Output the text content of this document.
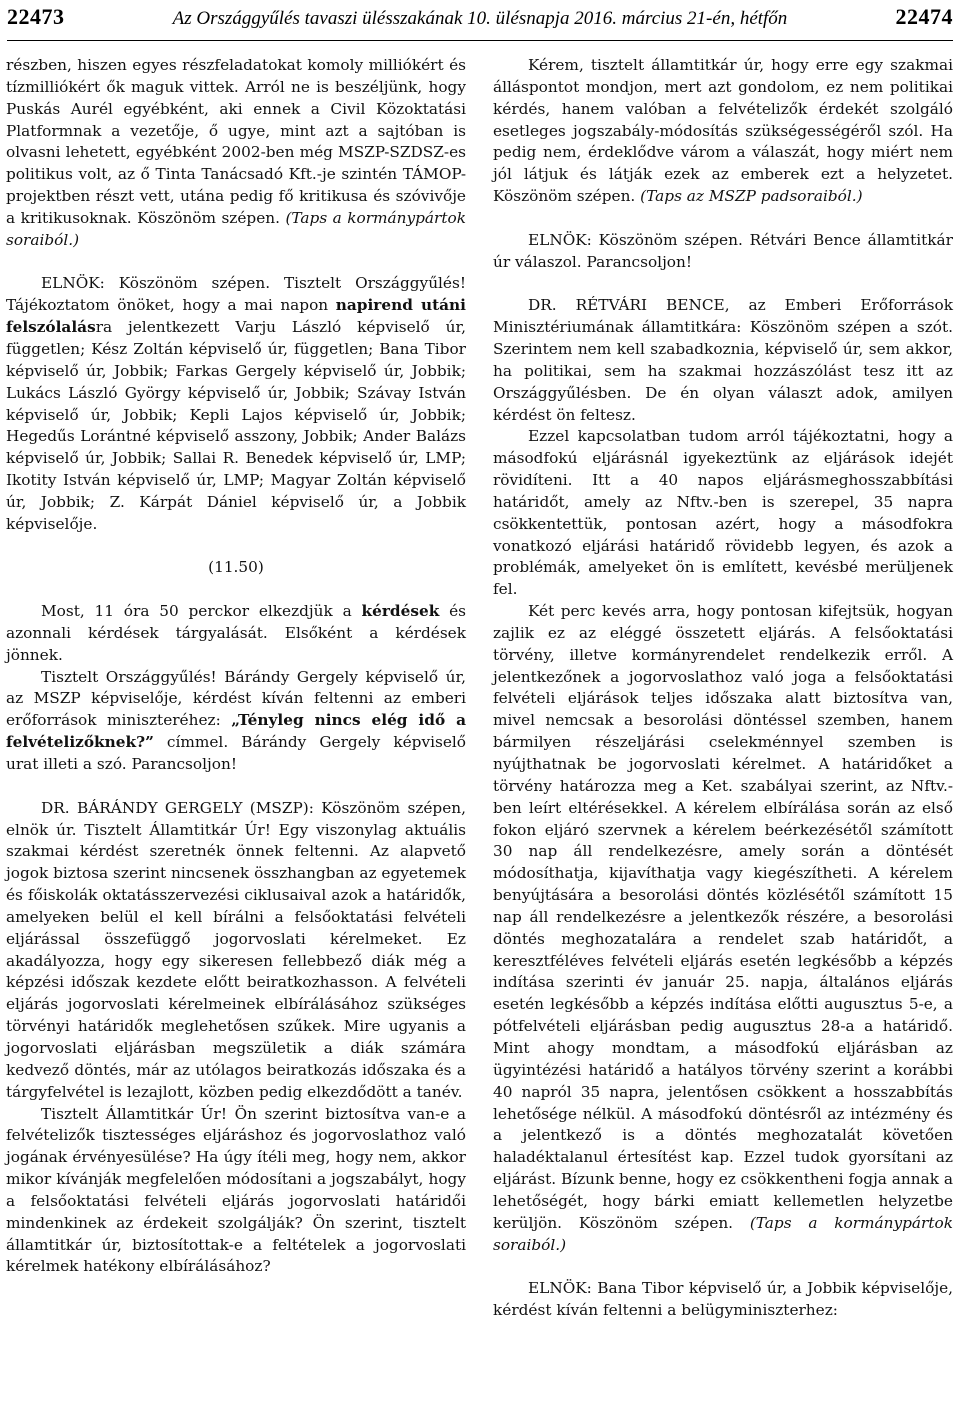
22473	Az Országgyűlés tavaszi ülésszakának 10. ülésnapja 2016. március 21-én, hétfőn	22474

részben, hiszen egyes részfeladatokat komoly milliókért és tízmilliókért ők maguk vittek. Arról ne is beszéljünk, hogy Puskás Aurél egyébként, aki ennek a Civil Közoktatási Platformnak a vezetője, ő ugye, mint azt a sajtóban is olvasni lehetett, egyébként 2002-ben még MSZP-SZDSZ-es politikus volt, az ő Tinta Tanácsadó Kft.-je szintén TÁMOP-projektben részt vett, utána pedig fő kritikusa és szóvivője a kritikusoknak. Köszönöm szépen. (Taps a kormánypártok soraiból.)

ELNÖK: Köszönöm szépen. Tisztelt Országgyűlés! Tájékoztatom önöket, hogy a mai napon napirend utáni felszólalásra jelentkezett Varju László képviselő úr, független; Kész Zoltán képviselő úr, független; Bana Tibor képviselő úr, Jobbik; Farkas Gergely képviselő úr, Jobbik; Lukács László György képviselő úr, Jobbik; Szávay István képviselő úr, Jobbik; Kepli Lajos képviselő úr, Jobbik; Hegedűs Lorántné képviselő asszony, Jobbik; Ander Balázs képviselő úr, Jobbik; Sallai R. Benedek képviselő úr, LMP; Ikotity István képviselő úr, LMP; Magyar Zoltán képviselő úr, Jobbik; Z. Kárpát Dániel képviselő úr, a Jobbik képviselője.

(11.50)

Most, 11 óra 50 perckor elkezdjük a kérdések és azonnali kérdések tárgyalását. Elsőként a kérdések jönnek.

Tisztelt Országgyűlés! Bárándy Gergely képviselő úr, az MSZP képviselője, kérdést kíván feltenni az emberi erőforrások miniszteréhez: „Tényleg nincs elég idő a felvételizőknek?” címmel. Bárándy Gergely képviselő urat illeti a szó. Parancsoljon!

DR. BÁRÁNDY GERGELY (MSZP): Köszönöm szépen, elnök úr. Tisztelt Államtitkár Úr! Egy viszonylag aktuális szakmai kérdést szeretnék önnek feltenni. Az alapvető jogok biztosa szerint nincsenek összhangban az egyetemek és főiskolák oktatásszervezési ciklusaival azok a határidők, amelyeken belül el kell bírálni a felsőoktatási felvételi eljárással összefüggő jogorvoslati kérelmeket. Ez akadályozza, hogy egy sikeresen fellebbező diák még a képzési időszak kezdete előtt beiratkozhasson. A felvételi eljárás jogorvoslati kérelmeinek elbírálásához szükséges törvényi határidők meglehetősen szűkek. Mire ugyanis a jogorvoslati eljárásban megszületik a diák számára kedvező döntés, már az utólagos beiratkozás időszaka és a tárgyfelvétel is lezajlott, közben pedig elkezdődött a tanév.

Tisztelt Államtitkár Úr! Ön szerint biztosítva van-e a felvételizők tisztességes eljáráshoz és jogorvoslathoz való jogának érvényesülése? Ha úgy ítéli meg, hogy nem, akkor mikor kívánják megfelelően módosítani a jogszabályt, hogy a felsőoktatási felvételi eljárás jogorvoslati határidői mindenkinek az érdekeit szolgálják? Ön szerint, tisztelt államtitkár úr, biztosítottak-e a feltételek a jogorvoslati kérelmek hatékony elbírálásához?

Kérem, tisztelt államtitkár úr, hogy erre egy szakmai álláspontot mondjon, mert azt gondolom, ez nem politikai kérdés, hanem valóban a felvételizők érdekét szolgáló esetleges jogszabály-módosítás szükségességéről szól. Ha pedig nem, érdeklődve várom a válaszát, hogy miért nem jól látjuk és látják ezek az emberek ezt a helyzetet. Köszönöm szépen. (Taps az MSZP padsoraiból.)

ELNÖK: Köszönöm szépen. Rétvári Bence államtitkár úr válaszol. Parancsoljon!

DR. RÉTVÁRI BENCE, az Emberi Erőforrások Minisztériumának államtitkára: Köszönöm szépen a szót. Szerintem nem kell szabadkoznia, képviselő úr, sem akkor, ha politikai, sem ha szakmai hozzászólást tesz itt az Országgyűlésben. De én olyan választ adok, amilyen kérdést ön feltesz.

Ezzel kapcsolatban tudom arról tájékoztatni, hogy a másodfokú eljárásnál igyekeztünk az eljárások idejét rövidíteni. Itt a 40 napos eljárásmeghosszabbítási határidőt, amely az Nftv.-ben is szerepel, 35 napra csökkentettük, pontosan azért, hogy a másodfokra vonatkozó eljárási határidő rövidebb legyen, és azok a problémák, amelyeket ön is említett, kevésbé merüljenek fel.

Két perc kevés arra, hogy pontosan kifejtsük, hogyan zajlik ez az eléggé összetett eljárás. A felsőoktatási törvény, illetve kormányrendelet rendelkezik erről. A jelentkezőnek a jogorvoslathoz való joga a felsőoktatási felvételi eljárások teljes időszaka alatt biztosítva van, mivel nemcsak a besorolási döntéssel szemben, hanem bármilyen részeljárási cselekménnyel szemben is nyújthatnak be jogorvoslati kérelmet. A határidőket a törvény határozza meg a Ket. szabályai szerint, az Nftv.-ben leírt eltérésekkel. A kérelem elbírálása során az első fokon eljáró szervnek a kérelem beérkezésétől számított 30 nap áll rendelkezésre, amely során a döntését módosíthatja, kijavíthatja vagy kiegészítheti. A kérelem benyújtására a besorolási döntés közlésétől számított 15 nap áll rendelkezésre a jelentkezők részére, a besorolási döntés meghozatalára a rendelet szab határidőt, a keresztféléves felvételi eljárás esetén legkésőbb a képzés indítása szerinti év január 25. napja, általános eljárás esetén legkésőbb a képzés indítása előtti augusztus 5-e, a pótfelvételi eljárásban pedig augusztus 28-a a határidő. Mint ahogy mondtam, a másodfokú eljárásban az ügyintézési határidő a hatályos törvény szerint a korábbi 40 napról 35 napra, jelentősen csökkent a hosszabbítás lehetősége nélkül. A másodfokú döntésről az intézmény és a jelentkező is a döntés meghozatalát követően haladéktalanul értesítést kap. Ezzel tudok gyorsítani az eljárást. Bízunk benne, hogy ez csökkentheni fogja annak a lehetőségét, hogy bárki emiatt kellemetlen helyzetbe kerüljön. Köszönöm szépen. (Taps a kormánypártok soraiból.)

ELNÖK: Bana Tibor képviselő úr, a Jobbik képviselője, kérdést kíván feltenni a belügyminiszterhez:
